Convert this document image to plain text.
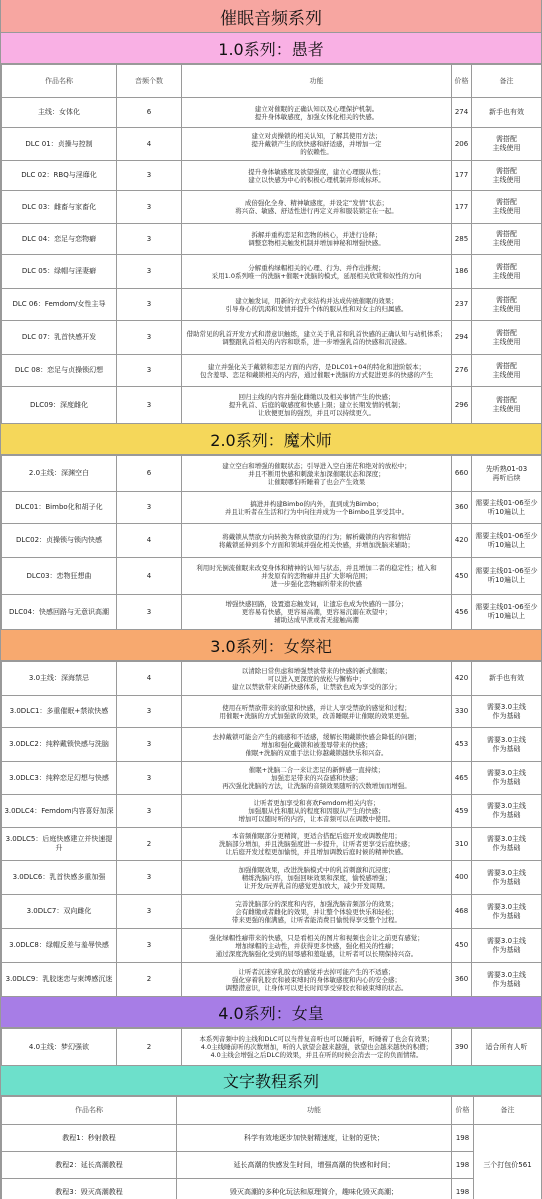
催眠音频系列
1.0系列：愚者
作品名称	音频个数	功能	价格	备注
主线：女体化	6	建立对催眠的正确认知以及心理保护机制。
提升身体敏感度，加强女体化相关的快感。	274	新手也有效
DLC 01：贞操与控制	4	建立对贞操锁的相关认知，了解其使用方法；
提升戴锁产生的欣快感和舒适感，并增加一定
的依赖性。	206	需搭配
主线使用
DLC 02：RBQ与淫靡化	3	提升身体敏感度及欲望强度，建立心理服从性；
建立以快感为中心的积极心理机制并形成标环。	177	需搭配
主线使用
DLC 03：雌畜与家畜化	3	成倍强化全身、精神敏感度，并设定“发情”状态；
将兴奋、敏感、舒适性进行再定义并和服装锁定在一起。	177	需搭配
主线使用
DLC 04：恋足与恋物癖	3	拆解并重构恋足和恋物的核心，并进行诠释；
调整恋物相关触发机制并增加神秘和增强快感。	285	需搭配
主线使用
DLC 05：绿帽与淫妻癖	3	分解重构绿帽相关的心理、行为、并作出推规；
采用1.0系列唯一的洗脑+催眠+洗脑的模式，延展相关欣赏和奴性的方向	186	需搭配
主线使用
DLC 06：Femdom/女性主导	3	建立触发词，用新的方式来结构并达成传统催眠的效果；
引导身心的饥渴和发情并提升个体的服从性和对女主的归属感。	237	需搭配
主线使用
DLC 07：乳首快感开发	3	借助常见的乳首开发方式和潜意识触练，建立关于乳首和乳首快感的正确认知与动机体系；
调整跟乳首相关的内容和联系，进一步增强乳首的快感和沉浸感。	294	需搭配
主线使用
DLC 08：恋足与贞操锁幻想	3	建立并强化关于戴锁和恋足方面的内容，是DLC01+04的特化和进阶版本；
包含羞辱、恋足和戴锁相关的内容，通过催眠+洗脑的方式促进更多的快感的产生	276	需搭配
主线使用
DLC09：深度雌化	3	回归主线的内容并强化雌缴以及相关事情产生的快感；
提升乳首、后庭的敏感度和快感上限；建立长期发情的机制；
让欣便更加的强烈，并且可以持续更久。	296	需搭配
主线使用
2.0系列：魔术师
2.0主线：深渊空白	6	建立空白和增强的催眠状态；引导进入空白迷茫和绝对的放松中；
并且不断用快感和刺激来加深催眠状态和深度；
让催眠哪怕听睡着了也会产生效果	660	先听熟01-03
再听后续
DLC01：Bimbo化和胡子化	3	搞进并构建Bimbo的内外，直到成为Bimbo；
并且让听者在生活和行为中向往并成为一个Bimbo且享受其中。	360	需要主线01-06至少
听10遍以上
DLC02：贞操锁与锁内快感	4	将戴锁从禁欲方向转换为释放欲望的行为；解析戴锁的内容和情结
将戴锁延伸到多个方面和领域并强化相关快感，并增加洗脑来辅助；	420	需要主线01-06至少
听10遍以上
DLC03：恋物狂想曲	4	利用时光倒流催眠来改变身体和精神的认知与状态，并且增加二者的稳定性；植入和
并发原有的恋物癖并且扩大影响范围；
进一步强化恋物癖所带来的快感	450	需要主线01-06至少
听10遍以上
DLC04：快感回路与无意识高潮	3	增强快感回路，设置遗忘触发词，让遗忘也成为快感的一部分；
更容易有快感，更容易高潮，更容易沉溺在欢望中；
辅助达成早泄或者无接触高潮	456	需要主线01-06至少
听10遍以上
3.0系列：女祭祀
3.0主线：深海禁忌	4	以清除日常焦虑和增强禁欲带来的快感的新式催眠；
可以进入更深度的放松与懈怖中；
建立以禁欲带来的新快感体系，让禁欲也成为享受的部分；	420	新手也有效
3.0DLC1：多重催眠+禁欲快感	3	使用在听禁欲带来的欲望和快感，并让人享受禁欲的感觉和过程；
用催眠+洗脑的方式加强欲的效果，改善睡眠并让催眠的效果更强。	330	需要3.0主线
作为基础
3.0DLC2：纯粹戴锁快感与洗脑	3	去掉戴锁可能会产生的痛感和不适感，缓解长期戴锁快感会降低的问题；
增加和强化戴锁和被羞辱带来的快感；
催眠+洗脑的双重手法让你越戴锁越快乐和兴奋。	453	需要3.0主线
作为基础
3.0DLC3：纯粹恋足幻想与快感	3	催眠+洗脑二合一来让恋足的新鲜感一直持续；
加强恋足带来的兴奋感和快感；
再次强化洗脑的方法，让洗脑的音频效果随听的次数增加而增强。	465	需要3.0主线
作为基础
3.0DLC4：Femdom内容喜好加深	3	让听者更加享受和喜欢Femdom相关内容；
加强服从性和服从的程度和因服从产生的快感；
增加可以随时听的内容，让本音频可以在调教中使用。	459	需要3.0主线
作为基础
3.0DLC5：后庭快感建立并快速提升	2	本音频催眠部分更精简，更适合搭配后庭开发或调教使用；
洗脑部分增加，并且洗脑强度进一步提升，让听者更享受后庭快感；
让后庭开发过程更加愉悦，并且增加调教后庭时候的精神快感。	310	需要3.0主线
作为基础
3.0DLC6：乳首快感多重加强	3	加强催眠效果，改进洗脑模式中的乳首刺激和沉浸度；
精练洗脑内容，加强回味效果和深度，愉悦感增强；
让开发/玩弄乳首的感觉更加放大，减少开发周期。	400	需要3.0主线
作为基础
3.0DLC7：双向雌化	3	完善洗脑部分的深度和内容，加强洗脑音频部分的效果；
会有雌缴或者雌化的效果，并让整个体验更快乐和轻松；
带来更强的催满感，让听者能消费目愉悦得享受整个过程。	468	需要3.0主线
作为基础
3.0DLC8：绿帽反差与羞辱快感	3	强化绿帽性癖带来的快感，只是看相关的图片和视频也会让之前更有感觉；
增加绿帽的主动性，并获得更多快感，强化相关的性癖；
通过深度洗脑强化受到的屈辱感和羞耻感，让听者可以长期保持兴奋。	450	需要3.0主线
作为基础
3.0DLC9：乳胶迷恋与束缚感沉迷	2	让听者沉迷穿乳胶衣的感觉并去掉可能产生的不适感；
强化穿着乳胶衣和被束缚时的身体敏感度和内心的安全感；
调整潜意识，让身体可以更长时间享受穿胶衣和被束缚的状态。	360	需要3.0主线
作为基础
4.0系列：女皇
4.0主线：梦幻强欲	2	本系列音频中的主线和DLC可以当普复音听也可以睡前听，听睡着了也会有效果；
4.0主线睡前听的次数增加，听的人欲望会越来越强，欲望也会越来越快的积攒；
4.0主线会增强之后DLC的效果，并且在听的时候会消去一定的负面情绪。	390	适合所有人听
文字教程系列
作品名称	功能	价格	备注
教程1：秒射教程	科学有效地逐步加快射精速度，让射的更快；	198	三个打包价561
教程2：延长高潮教程	延长高潮的快感发生时间，增强高潮的快感和时间；	198	
教程3：毁灭高潮教程	毁灭高潮的多种化玩法和原理简介，趣味化毁灭高潮；	198	
